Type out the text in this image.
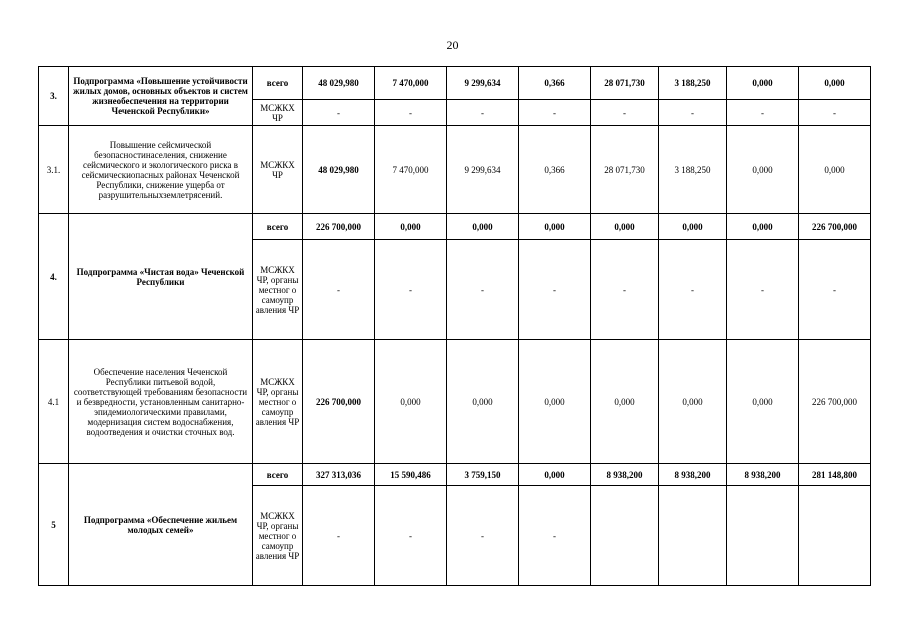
20
3.	Подпрограмма «Повышение устойчивости жилых домов, основных объектов и систем жизнеобеспечения на территории Чеченской Республики»	всего	48 029,980	7 470,000	9 299,634	0,366	28 071,730	3 188,250	0,000	0,000
		МСЖКХ ЧР	-	-	-	-	-	-	-	-
3.1.	Повышение сейсмической безопасностинаселения, снижение сейсмического и экологического риска в сейсмическиопасных районах Чеченской Республики, снижение ущерба от разрушительныхземлетрясений.	МСЖКХ ЧР	48 029,980	7 470,000	9 299,634	0,366	28 071,730	3 188,250	0,000	0,000
4.	Подпрограмма «Чистая вода» Чеченской Республики	всего	226 700,000	0,000	0,000	0,000	0,000	0,000	0,000	226 700,000
		МСЖКХ ЧР, органы местног о самоупр авления ЧР	-	-	-	-	-	-	-	-
4.1	Обеспечение населения Чеченской Республики питьевой водой, соответствующей требованиям безопасности и безвредности, установленным санитарно-эпидемиологическими правилами, модернизация систем водоснабжения, водоотведения и очистки сточных вод.	МСЖКХ ЧР, органы местног о самоупр авления ЧР	226 700,000	0,000	0,000	0,000	0,000	0,000	0,000	226 700,000
5	Подпрограмма «Обеспечение жильем молодых семей»	всего	327 313,036	15 590,486	3 759,150	0,000	8 938,200	8 938,200	8 938,200	281 148,800
		МСЖКХ ЧР, органы местног о самоупр авления ЧР	-	-	-	-				
